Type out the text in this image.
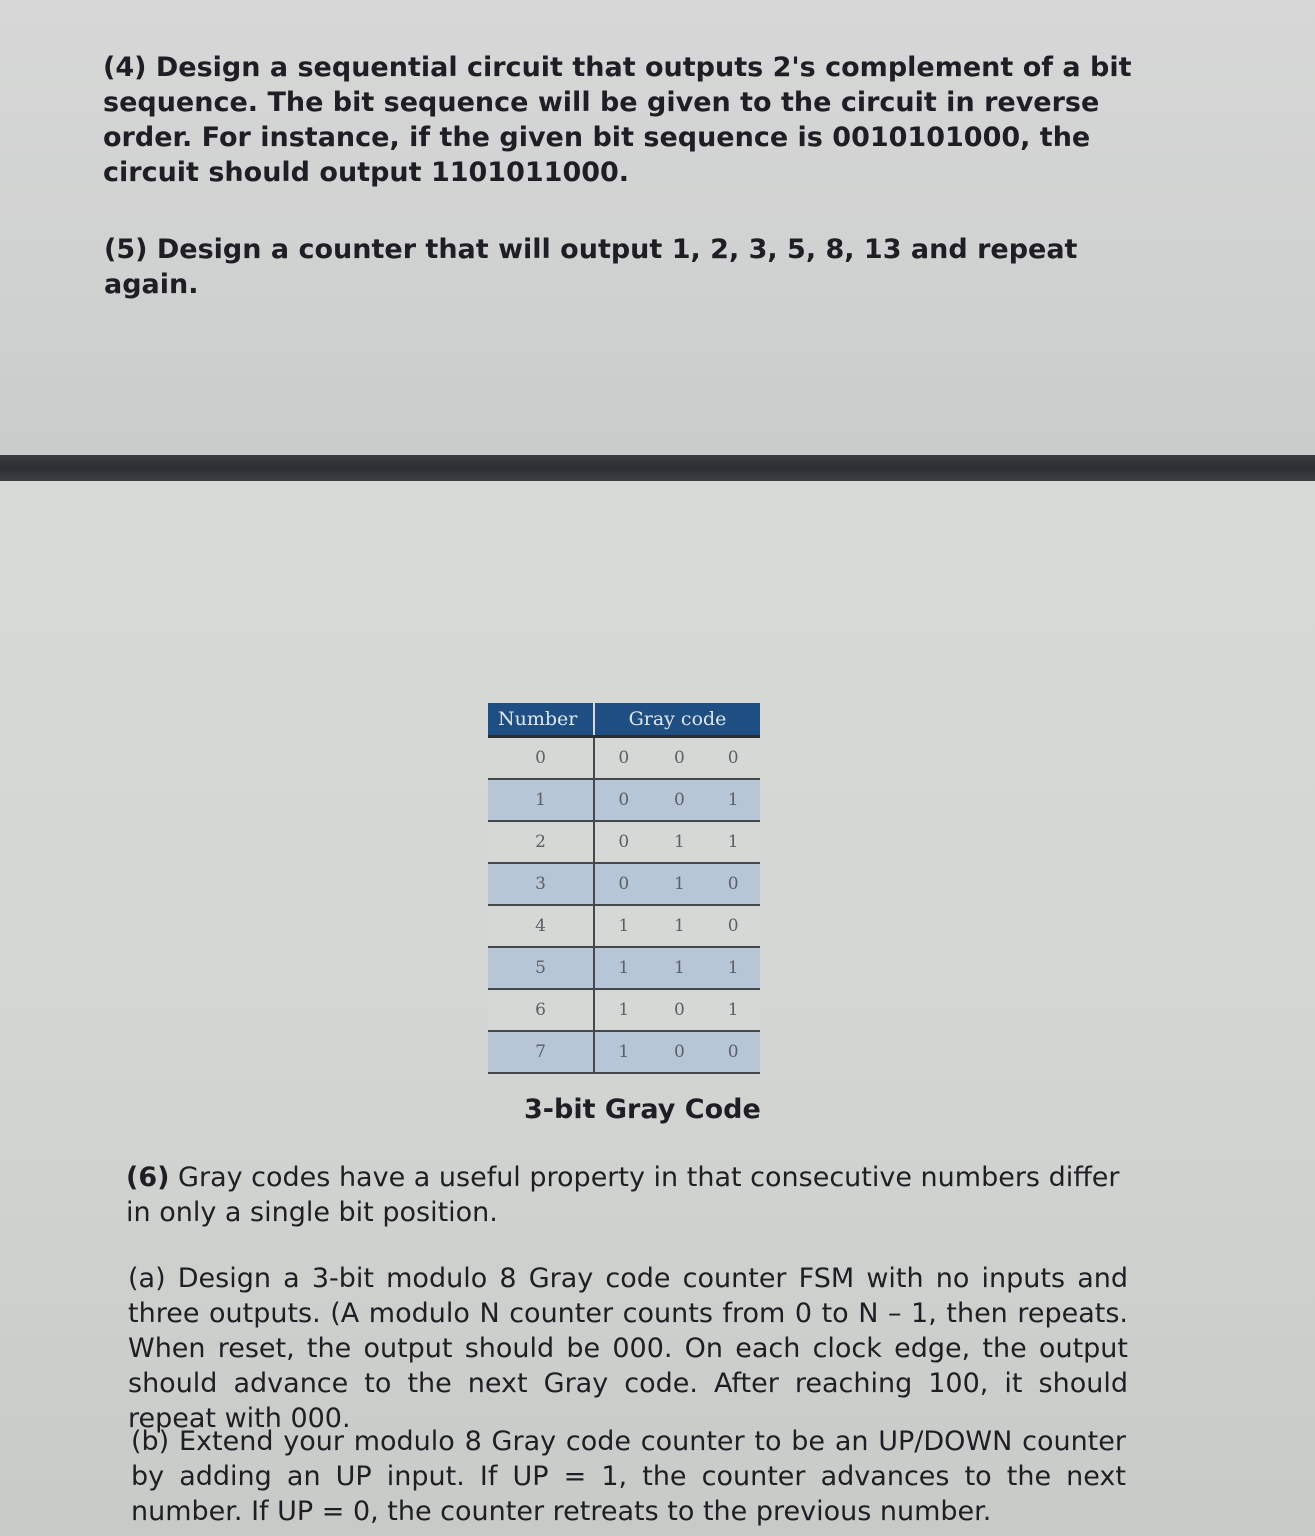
(4) Design a sequential circuit that outputs 2's complement of a bit sequence. The bit sequence will be given to the circuit in reverse order. For instance, if the given bit sequence is 0010101000, the circuit should output 1101011000.

(5) Design a counter that will output 1, 2, 3, 5, 8, 13 and repeat again.

Number	Gray code		
0	0	0	0
1	0	0	1
2	0	1	1
3	0	1	0
4	1	1	0
5	1	1	1
6	1	0	1
7	1	0	0

3-bit Gray Code

(6) Gray codes have a useful property in that consecutive numbers differ in only a single bit position.

(a) Design a 3-bit modulo 8 Gray code counter FSM with no inputs and three outputs. (A modulo N counter counts from 0 to N – 1, then repeats. When reset, the output should be 000. On each clock edge, the output should advance to the next Gray code. After reaching 100, it should repeat with 000.

(b) Extend your modulo 8 Gray code counter to be an UP/DOWN counter by adding an UP input. If UP = 1, the counter advances to the next number. If UP = 0, the counter retreats to the previous number.
